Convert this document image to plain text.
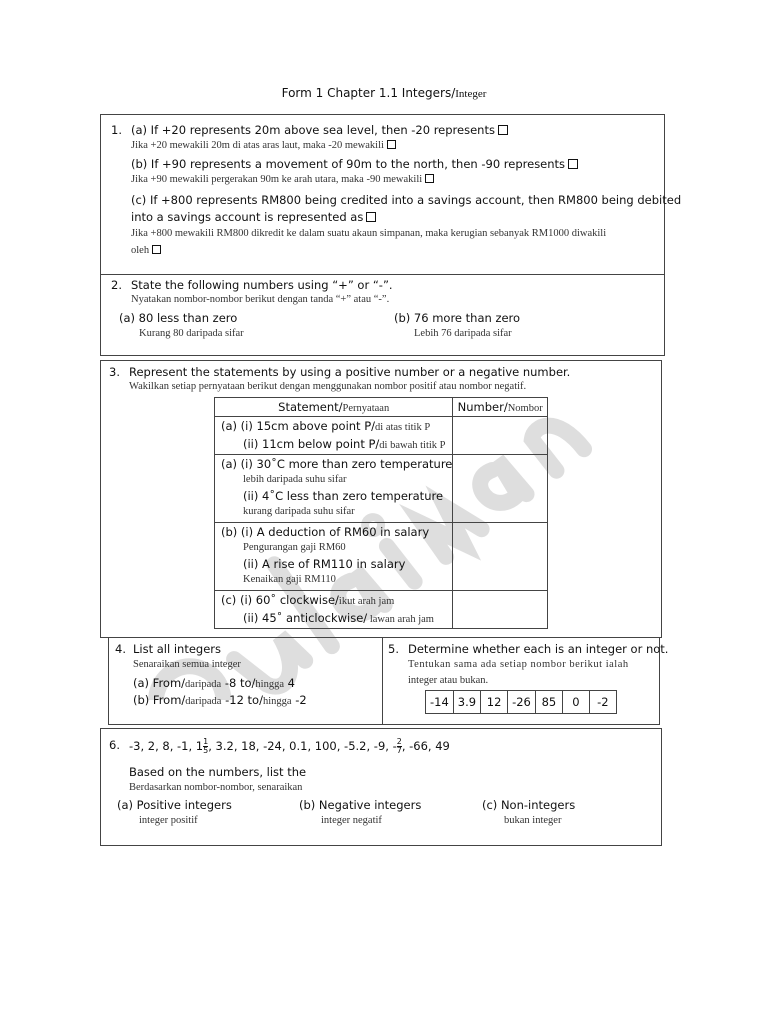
Form 1 Chapter 1.1 Integers/Integer
1. (a) If +20 represents 20m above sea level, then -20 represents
Jika +20 mewakili 20m di atas aras laut, maka -20 mewakili
(b) If +90 represents a movement of 90m to the north, then -90 represents
Jika +90 mewakili pergerakan 90m ke arah utara, maka -90 mewakili
(c) If +800 represents RM800 being credited into a savings account, then RM800 being debited
into a savings account is represented as
Jika +800 mewakili RM800 dikredit ke dalam suatu akaun simpanan, maka kerugian sebanyak RM1000 diwakili
oleh
2. State the following numbers using “+” or “-”.
Nyatakan nombor-nombor berikut dengan tanda “+” atau “-”.
(a) 80 less than zero
Kurang 80 daripada sifar
(b) 76 more than zero
Lebih 76 daripada sifar
3. Represent the statements by using a positive number or a negative number.
Wakilkan setiap pernyataan berikut dengan menggunakan nombor positif atau nombor negatif.
Statement/Pernyataan	Number/Nombor

(a) (i) 15cm above point P/di atas titik P
(ii) 11cm below point P/di bawah titik P	

(a) (i) 30˚C more than zero temperature
lebih daripada suhu sifar
(ii) 4˚C less than zero temperature
kurang daripada suhu sifar	

(b) (i) A deduction of RM60 in salary
Pengurangan gaji RM60
(ii) A rise of RM110 in salary
Kenaikan gaji RM110	

(c) (i) 60˚ clockwise/ikut arah jam
(ii) 45˚ anticlockwise/ lawan arah jam	

4. List all integers
Senaraikan semua integer
(a) From/daripada -8 to/hingga 4
(b) From/daripada -12 to/hingga -2
5. Determine whether each is an integer or not.
Tentukan sama ada setiap nombor berikut ialah
integer atau bukan.
-14	3.9	12	-26	85	0	-2
6. -3, 2, 8, -1, $1 \frac{1}{5}$ , 3.2, 18, -24, 0.1, 100, -5.2, -9, - $\frac{2}{7}$ , -66, 49
Based on the numbers, list the
Berdasarkan nombor-nombor, senaraikan
(a) Positive integers
integer positif
(b) Negative integers
integer negatif
(c) Non-integers
bukan integer
